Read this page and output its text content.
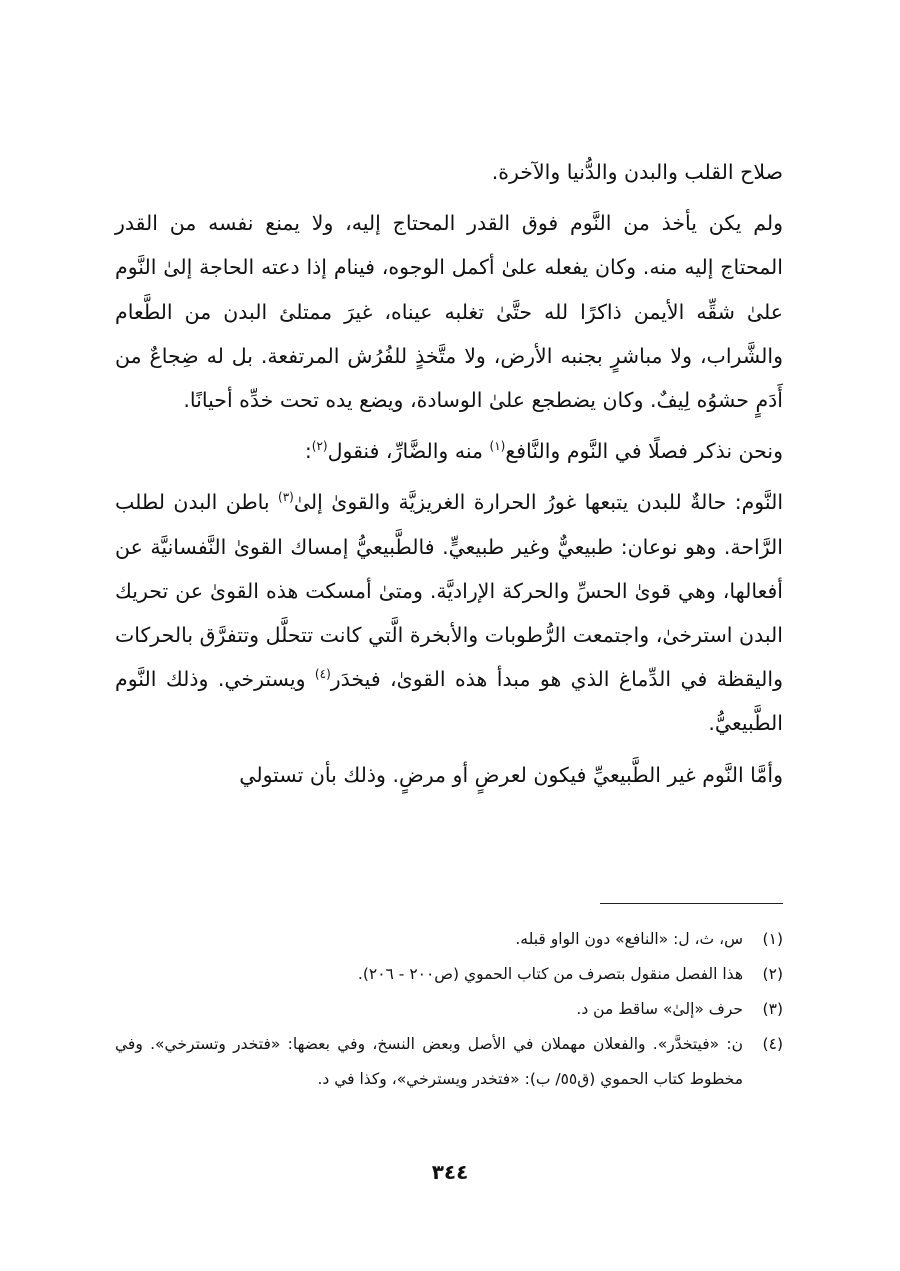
صلاح القلب والبدن والدُّنيا والآخرة.

ولم يكن يأخذ من النَّوم فوق القدر المحتاج إليه، ولا يمنع نفسه من القدر المحتاج إليه منه. وكان يفعله علىٰ أكمل الوجوه، فينام إذا دعته الحاجة إلىٰ النَّوم علىٰ شقِّه الأيمن ذاكرًا لله حتَّىٰ تغلبه عيناه، غيرَ ممتلئ البدن من الطَّعام والشَّراب، ولا مباشرٍ بجنبه الأرض، ولا متَّخذٍ للفُرُش المرتفعة. بل له ضِجاعٌ من أَدَمٍ حشوُه لِيفٌ. وكان يضطجع علىٰ الوسادة، ويضع يده تحت خدِّه أحيانًا.

ونحن نذكر فصلًا في النَّوم والنَّافع$^{(١)}$ منه والضَّارِّ، فنقول$^{(٢)}$:

النَّوم: حالةٌ للبدن يتبعها غورُ الحرارة الغريزيَّة والقوىٰ إلىٰ$^{(٣)}$ باطن البدن لطلب الرَّاحة. وهو نوعان: طبيعيٌّ وغير طبيعيٍّ. فالطَّبيعيُّ إمساك القوىٰ النَّفسانيَّة عن أفعالها، وهي قوىٰ الحسِّ والحركة الإراديَّة. ومتىٰ أمسكت هذه القوىٰ عن تحريك البدن استرخىٰ، واجتمعت الرُّطوبات والأبخرة الَّتي كانت تتحلَّل وتتفرَّق بالحركات واليقظة في الدِّماغ الذي هو مبدأ هذه القوىٰ، فيخدَر$^{(٤)}$ ويسترخي. وذلك النَّوم الطَّبيعيُّ.

وأمَّا النَّوم غير الطَّبيعيِّ فيكون لعرضٍ أو مرضٍ. وذلك بأن تستولي

(١)
س، ث، ل: «النافع» دون الواو قبله.
(٢)
هذا الفصل منقول بتصرف من كتاب الحموي (ص٢٠٠ - ٢٠٦).
(٣)
حرف «إلىٰ» ساقط من د.
(٤)
ن: «فيتخدَّر». والفعلان مهملان في الأصل وبعض النسخ، وفي بعضها: «فتخدر وتسترخي». وفي مخطوط كتاب الحموي (ق٥٥/ ب): «فتخدر ويسترخي»، وكذا في د.
٣٤٤
